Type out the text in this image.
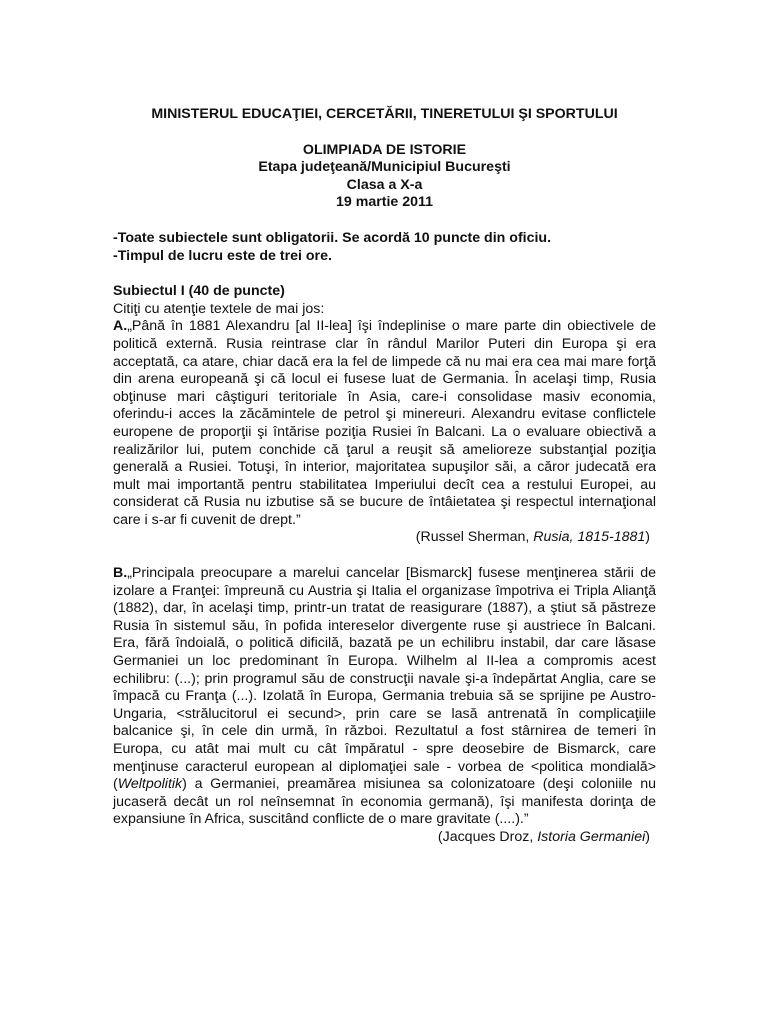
MINISTERUL EDUCAŢIEI, CERCETĂRII, TINERETULUI ŞI SPORTULUI
OLIMPIADA DE ISTORIE
Etapa judeţeană/Municipiul Bucureşti
Clasa a X-a
19 martie 2011
-Toate subiectele sunt obligatorii. Se acordă 10 puncte din oficiu.
-Timpul de lucru este de trei ore.
Subiectul I (40 de puncte)
Citiţi cu atenţie textele de mai jos:
A.„Până în 1881 Alexandru [al II-lea] îşi îndeplinise o mare parte din obiectivele de politică externă. Rusia reintrase clar în rândul Marilor Puteri din Europa şi era acceptată, ca atare, chiar dacă era la fel de limpede că nu mai era cea mai mare forţă din arena europeană şi că locul ei fusese luat de Germania. În acelaşi timp, Rusia obţinuse mari câştiguri teritoriale în Asia, care-i consolidase masiv economia, oferindu-i acces la zăcămintele de petrol şi minereuri. Alexandru evitase conflictele europene de proporţii şi întărise poziţia Rusiei în Balcani. La o evaluare obiectivă a realizărilor lui, putem conchide că ţarul a reuşit să amelioreze substanţial poziţia generală a Rusiei. Totuşi, în interior, majoritatea supuşilor săi, a căror judecată era mult mai importantă pentru stabilitatea Imperiului decît cea a restului Europei, au considerat că Rusia nu izbutise să se bucure de întâietatea şi respectul internaţional care i s-ar fi cuvenit de drept.”
(Russel Sherman, Rusia, 1815-1881)
B.„Principala preocupare a marelui cancelar [Bismarck] fusese menţinerea stării de izolare a Franţei: împreună cu Austria şi Italia el organizase împotriva ei Tripla Alianţă (1882), dar, în acelaşi timp, printr-un tratat de reasigurare (1887), a ştiut să păstreze Rusia în sistemul său, în pofida intereselor divergente ruse şi austriece în Balcani. Era, fără îndoială, o politică dificilă, bazată pe un echilibru instabil, dar care lăsase Germaniei un loc predominant în Europa. Wilhelm al II-lea a compromis acest echilibru: (...); prin programul său de construcţii navale şi-a îndepărtat Anglia, care se împacă cu Franţa (...). Izolată în Europa, Germania trebuia să se sprijine pe Austro-Ungaria, <strălucitorul ei secund>, prin care se lasă antrenată în complicaţiile balcanice şi, în cele din urmă, în război. Rezultatul a fost stârnirea de temeri în Europa, cu atât mai mult cu cât împăratul - spre deosebire de Bismarck, care menţinuse caracterul european al diplomaţiei sale - vorbea de <politica mondială> (Weltpolitik) a Germaniei, preamărea misiunea sa colonizatoare (deşi coloniile nu jucaseră decât un rol neînsemnat în economia germană), îşi manifesta dorinţa de expansiune în Africa, suscitând conflicte de o mare gravitate (....).”
(Jacques Droz, Istoria Germaniei)
